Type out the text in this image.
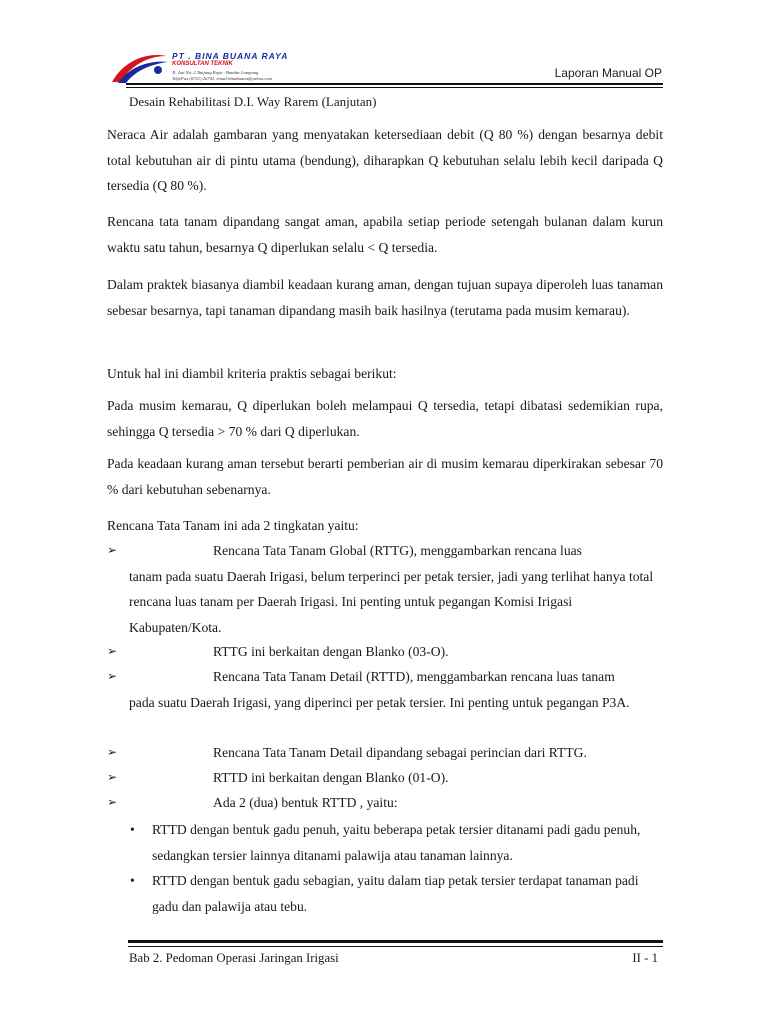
PT . BINA BUANA RAYA
KONSULTAN TEKNIK
Jl. Jati No. 2 Tanjung Raya - Bandar Lampung
Telp/Fax (0721) 26702, email:binabuana@yahoo.com	Laporan Manual OP
Desain Rehabilitasi D.I. Way Rarem (Lanjutan)
Neraca Air adalah gambaran yang menyatakan ketersediaan debit (Q 80 %) dengan besarnya debit total kebutuhan air di pintu utama (bendung), diharapkan Q kebutuhan selalu lebih kecil daripada Q tersedia (Q 80 %).
Rencana tata tanam dipandang sangat aman, apabila setiap periode setengah bulanan dalam kurun waktu satu tahun, besarnya Q diperlukan selalu < Q tersedia.
Dalam praktek biasanya diambil keadaan kurang aman, dengan tujuan supaya diperoleh luas tanaman sebesar besarnya, tapi tanaman dipandang masih baik hasilnya (terutama pada musim kemarau).
Untuk hal ini diambil kriteria praktis sebagai berikut:
Pada musim kemarau, Q diperlukan boleh melampaui Q tersedia, tetapi dibatasi sedemikian rupa, sehingga Q tersedia > 70 % dari Q diperlukan.
Pada keadaan kurang aman tersebut berarti pemberian air di musim kemarau diperkirakan sebesar 70 % dari kebutuhan sebenarnya.
Rencana Tata Tanam ini ada 2 tingkatan yaitu:
➢	Rencana Tata Tanam Global (RTTG), menggambarkan rencana luas
tanam pada suatu Daerah Irigasi, belum terperinci per petak tersier, jadi yang terlihat hanya total rencana luas tanam per Daerah Irigasi. Ini penting untuk pegangan Komisi Irigasi Kabupaten/Kota.
➢	RTTG ini berkaitan dengan Blanko (03-O).
➢	Rencana Tata Tanam Detail (RTTD), menggambarkan rencana luas tanam
pada suatu Daerah Irigasi, yang diperinci per petak tersier. Ini penting untuk pegangan P3A.
➢	Rencana Tata Tanam Detail dipandang sebagai perincian dari RTTG.
➢	RTTD ini berkaitan dengan Blanko (01-O).
➢	Ada 2 (dua) bentuk RTTD , yaitu:
•	RTTD dengan bentuk gadu penuh, yaitu beberapa petak tersier ditanami padi gadu penuh, sedangkan tersier lainnya ditanami palawija atau tanaman lainnya.
•	RTTD dengan bentuk gadu sebagian, yaitu dalam tiap petak tersier terdapat tanaman padi gadu dan palawija atau tebu.
Bab 2. Pedoman Operasi Jaringan Irigasi	II - 1
